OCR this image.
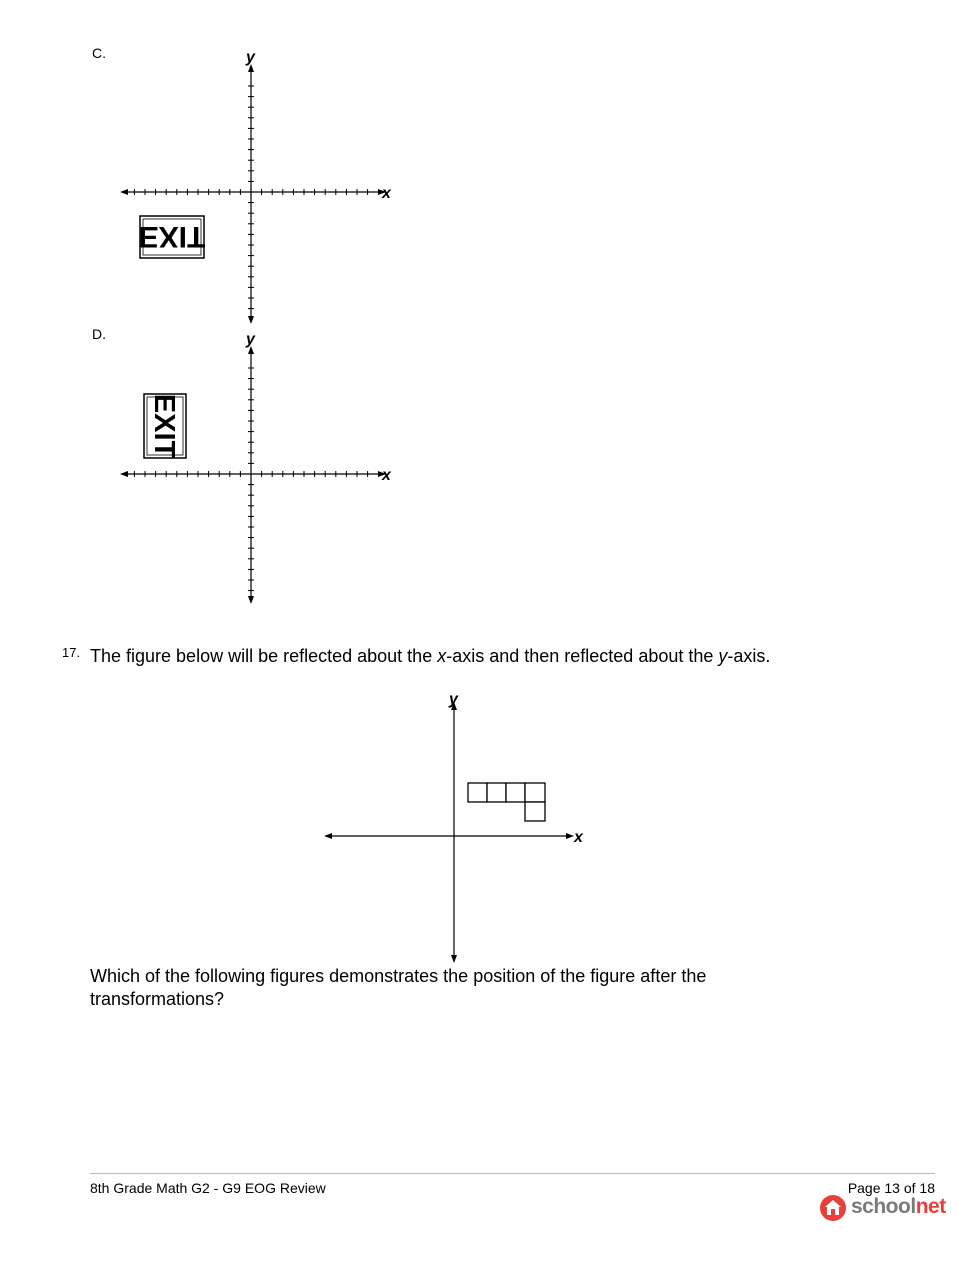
C.	y
x
EXIT
D.	y
x
EXIT
17. The figure below will be reflected about the x-axis and then reflected about the y-axis.
y
x
Which of the following figures demonstrates the position of the figure after the transformations?
8th Grade Math G2 - G9 EOG Review	Page 13 of 18
schoolnet
